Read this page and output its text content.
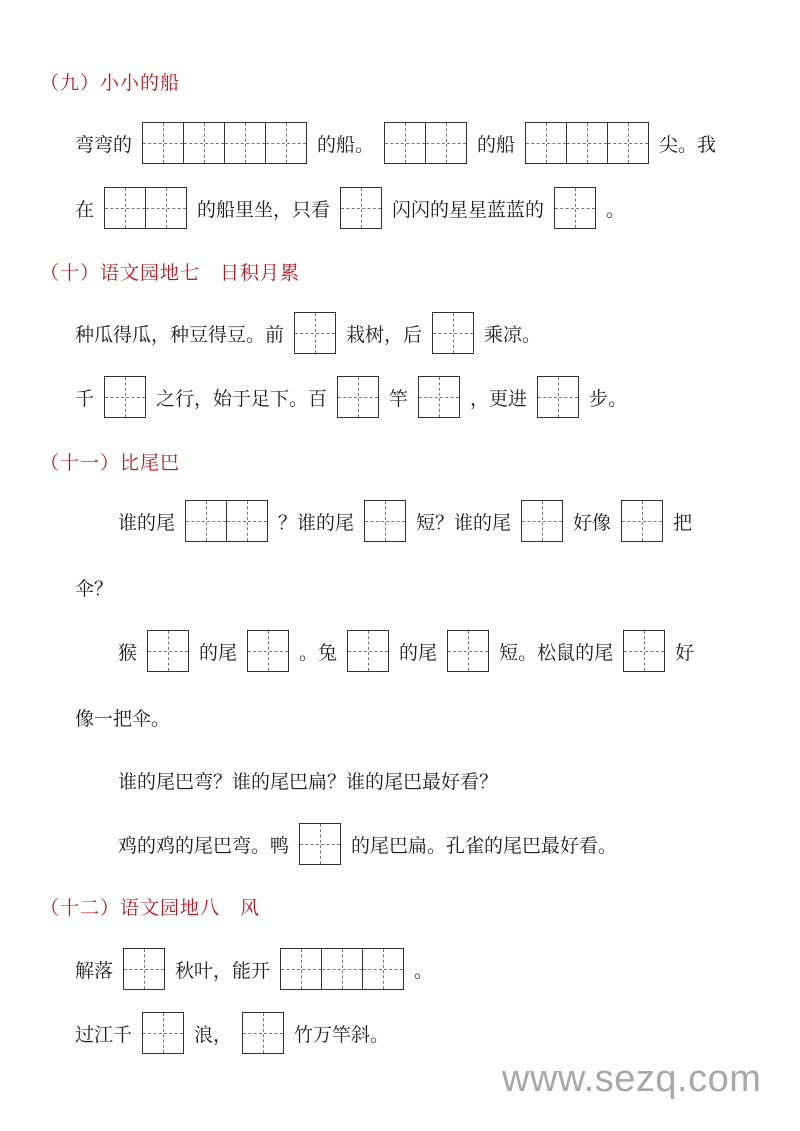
（九）小小的船
弯弯的	的船。	的船	尖。我
在	的船里坐，只看	闪闪的星星蓝蓝的	。
（十）语文园地七　日积月累
种瓜得瓜，种豆得豆。前	栽树，后	乘凉。
千	之行，始于足下。百	竿	，更进	步。
（十一）比尾巴
谁的尾	？谁的尾	短？谁的尾	好像	把
伞？
猴	的尾	。兔	的尾	短。松鼠的尾	好
像一把伞。
谁的尾巴弯？谁的尾巴扁？谁的尾巴最好看？
鸡的鸡的尾巴弯。鸭	的尾巴扁。孔雀的尾巴最好看。
（十二）语文园地八　风
解落	秋叶，能开	。
过江千	浪，	竹万竿斜。
www.sezq.com
